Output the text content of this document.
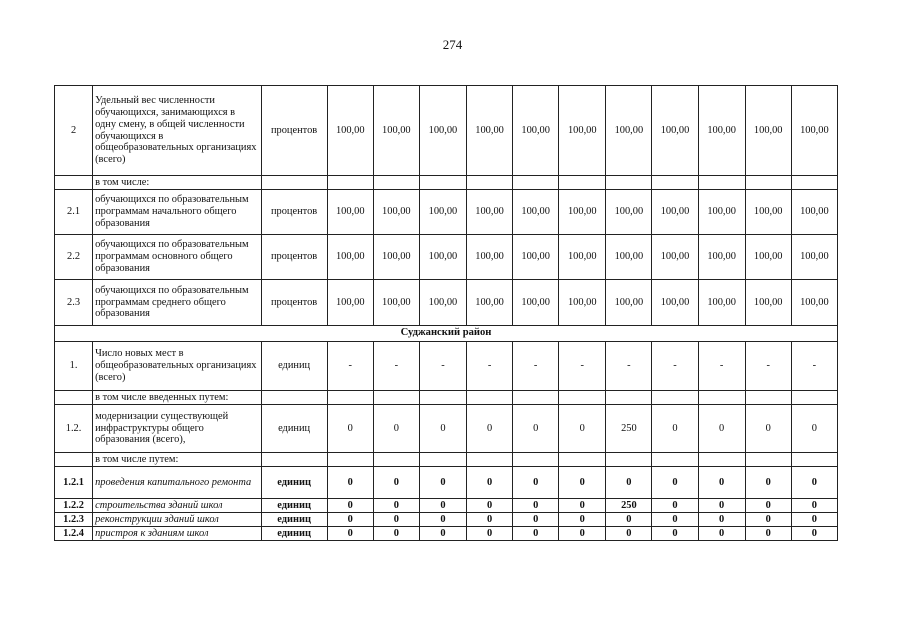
274
2	Удельный вес численности обучающихся, занимающихся в одну смену, в общей численности обучающихся в общеобразовательных организациях (всего)	процентов	100,00	100,00	100,00	100,00	100,00	100,00	100,00	100,00	100,00	100,00	100,00
	в том числе:												
2.1	обучающихся по образовательным программам начального общего образования	процентов	100,00	100,00	100,00	100,00	100,00	100,00	100,00	100,00	100,00	100,00	100,00
2.2	обучающихся по образовательным программам основного общего образования	процентов	100,00	100,00	100,00	100,00	100,00	100,00	100,00	100,00	100,00	100,00	100,00
2.3	обучающихся по образовательным программам среднего общего образования	процентов	100,00	100,00	100,00	100,00	100,00	100,00	100,00	100,00	100,00	100,00	100,00
Суджанский район													
1.	Число новых мест в общеобразовательных организациях (всего)	единиц	-	-	-	-	-	-	-	-	-	-	-
	в том числе введенных путем:												
1.2.	модернизации существующей инфраструктуры общего образования (всего),	единиц	0	0	0	0	0	0	250	0	0	0	0
	в том числе путем:												
1.2.1	проведения капитального ремонта	единиц	0	0	0	0	0	0	0	0	0	0	0
1.2.2	строительства зданий школ	единиц	0	0	0	0	0	0	250	0	0	0	0
1.2.3	реконструкции зданий школ	единиц	0	0	0	0	0	0	0	0	0	0	0
1.2.4	пристроя к зданиям школ	единиц	0	0	0	0	0	0	0	0	0	0	0
